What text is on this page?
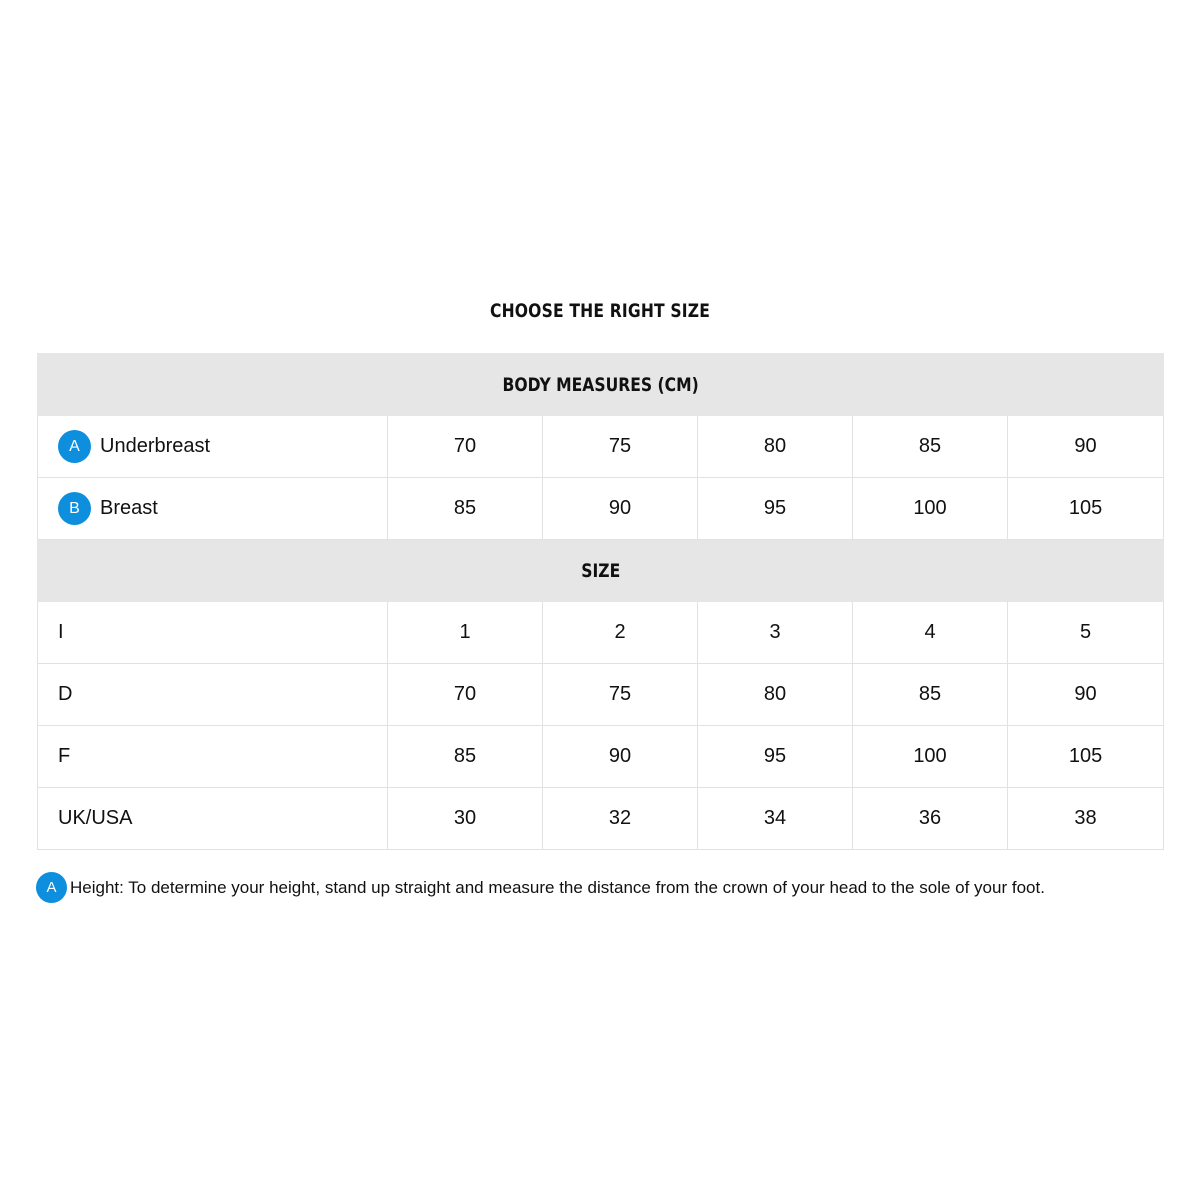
CHOOSE THE RIGHT SIZE
BODY MEASURES (CM)					
A Underbreast	70	75	80	85	90
B Breast	85	90	95	100	105
SIZE					
I	1	2	3	4	5
D	70	75	80	85	90
F	85	90	95	100	105
UK/USA	30	32	34	36	38
A Height: To determine your height, stand up straight and measure the distance from the crown of your head to the sole of your foot.
